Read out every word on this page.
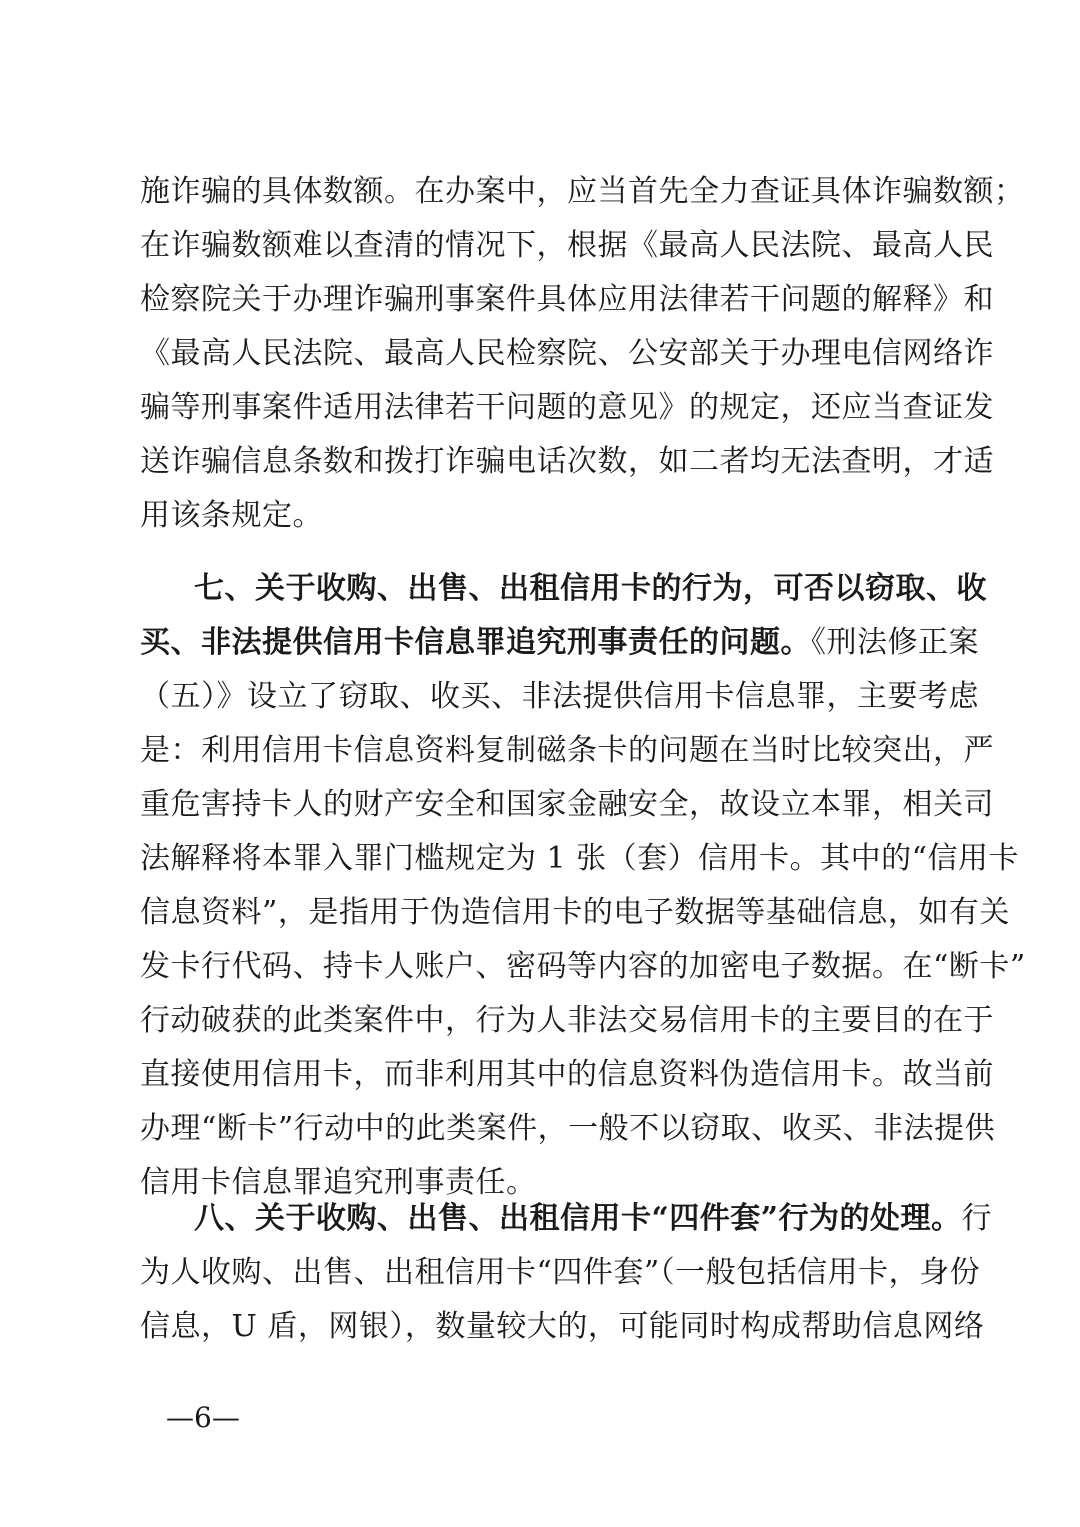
施诈骗的具体数额。在办案中，应当首先全力查证具体诈骗数额；
在诈骗数额难以查清的情况下，根据《最高人民法院、最高人民
检察院关于办理诈骗刑事案件具体应用法律若干问题的解释》和
《最高人民法院、最高人民检察院、公安部关于办理电信网络诈
骗等刑事案件适用法律若干问题的意见》的规定，还应当查证发
送诈骗信息条数和拨打诈骗电话次数，如二者均无法查明，才适
用该条规定。
七、关于收购、出售、出租信用卡的行为，可否以窃取、收
买、非法提供信用卡信息罪追究刑事责任的问题。《刑法修正案
（五）》设立了窃取、收买、非法提供信用卡信息罪，主要考虑
是：利用信用卡信息资料复制磁条卡的问题在当时比较突出，严
重危害持卡人的财产安全和国家金融安全，故设立本罪，相关司
法解释将本罪入罪门槛规定为 1 张（套）信用卡。其中的“信用卡
信息资料”，是指用于伪造信用卡的电子数据等基础信息，如有关
发卡行代码、持卡人账户、密码等内容的加密电子数据。在“断卡”
行动破获的此类案件中，行为人非法交易信用卡的主要目的在于
直接使用信用卡，而非利用其中的信息资料伪造信用卡。故当前
办理“断卡”行动中的此类案件，一般不以窃取、收买、非法提供
信用卡信息罪追究刑事责任。
八、关于收购、出售、出租信用卡“四件套”行为的处理。行
为人收购、出售、出租信用卡“四件套”（一般包括信用卡，身份
信息，U 盾，网银），数量较大的，可能同时构成帮助信息网络
—6—
